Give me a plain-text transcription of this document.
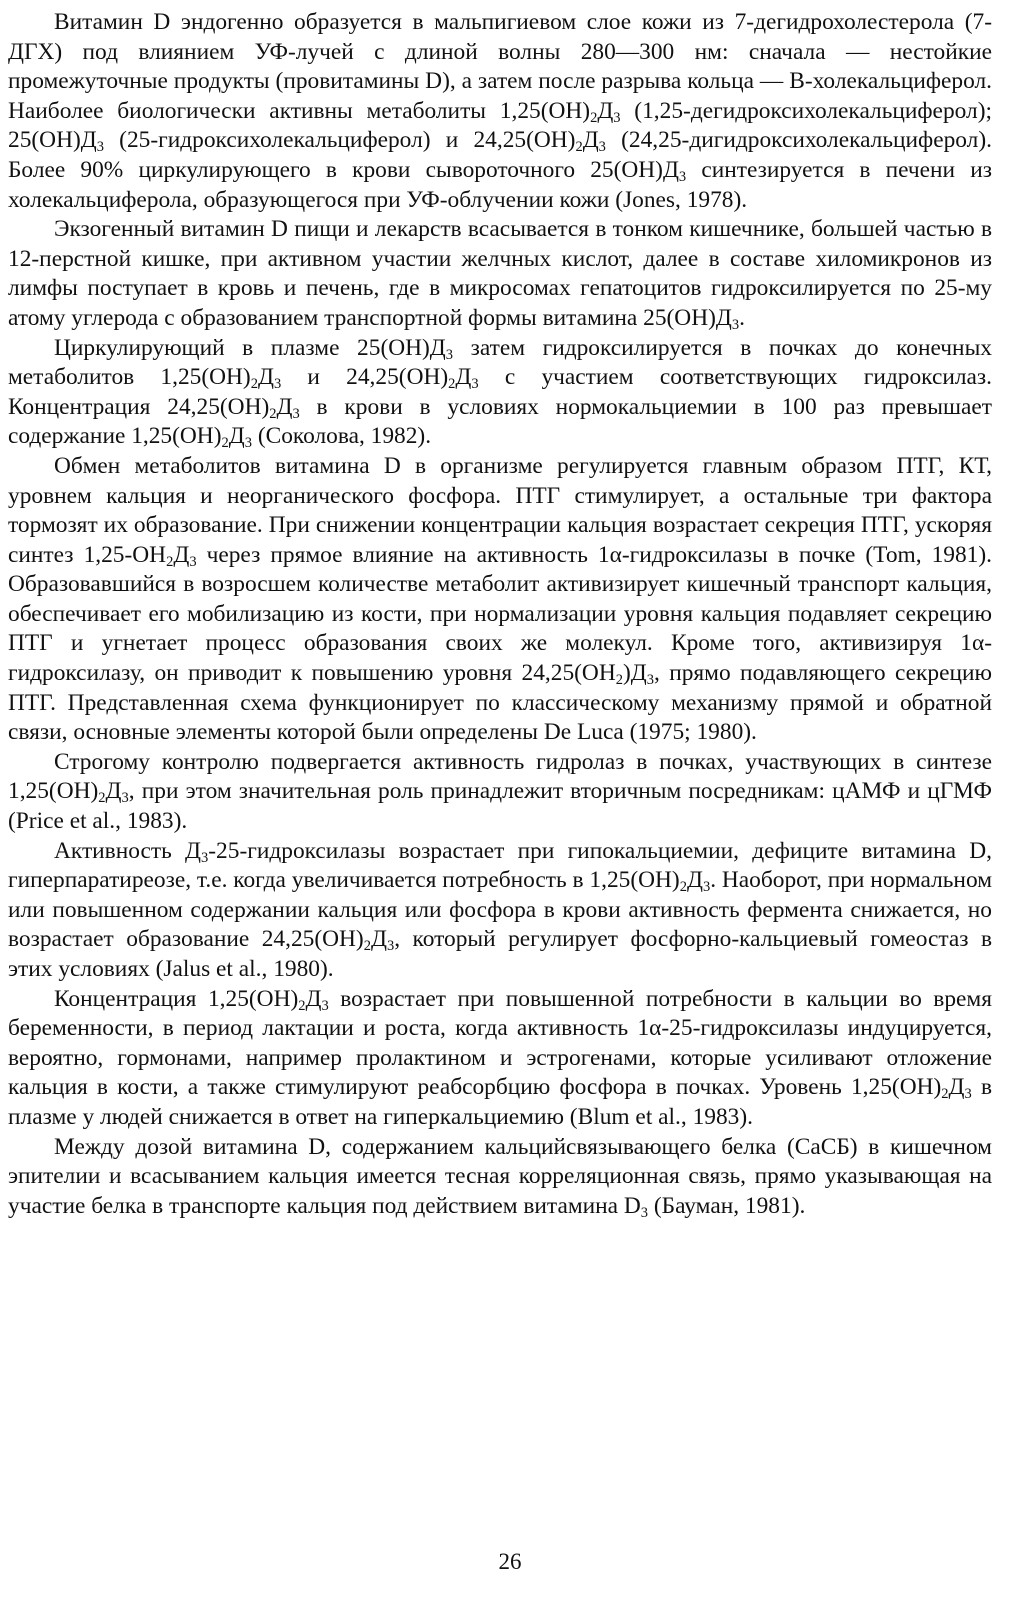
Витамин D эндогенно образуется в мальпигиевом слое кожи из 7-дегидрохолестерола (7-ДГХ) под влиянием УФ-лучей с длиной волны 280—300 нм: сначала — нестойкие промежуточные продукты (провитамины D), а затем после разрыва кольца — В-холекальциферол. Наиболее биологически активны метаболиты $1,25(ОН)_2Д_3$ (1,25-дегидроксихолекальциферол); $25(ОН)Д_3$ (25-гидроксихолекальциферол) и $24,25(ОН)_2Д_3$ (24,25-дигидроксихолекальциферол). Более 90% циркулирующего в крови сывороточного $25(ОН)Д_3$ синтезируется в печени из холекальциферола, образующегося при УФ-облучении кожи (Jones, 1978).

Экзогенный витамин D пищи и лекарств всасывается в тонком кишечнике, большей частью в 12-перстной кишке, при активном участии желчных кислот, далее в составе хиломикронов из лимфы поступает в кровь и печень, где в микросомах гепатоцитов гидроксилируется по 25-му атому углерода с образованием транспортной формы витамина $25(ОН)Д_3$.

Циркулирующий в плазме $25(ОН)Д_3$ затем гидроксилируется в почках до конечных метаболитов $1,25(ОН)_2Д_3$ и $24,25(ОН)_2Д_3$ с участием соответствующих гидроксилаз. Концентрация $24,25(ОН)_2Д_3$ в крови в условиях нормокальциемии в 100 раз превышает содержание $1,25(ОН)_2Д_3$ (Соколова, 1982).

Обмен метаболитов витамина D в организме регулируется главным образом ПТГ, КТ, уровнем кальция и неорганического фосфора. ПТГ стимулирует, а остальные три фактора тормозят их образование. При снижении концентрации кальция возрастает секреция ПТГ, ускоряя синтез $1,25-ОН_2Д_3$ через прямое влияние на активность 1α-гидроксилазы в почке (Tom, 1981). Образовавшийся в возросшем количестве метаболит активизирует кишечный транспорт кальция, обеспечивает его мобилизацию из кости, при нормализации уровня кальция подавляет секрецию ПТГ и угнетает процесс образования своих же молекул. Кроме того, активизируя 1α-гидроксилазу, он приводит к повышению уровня $24,25(ОН_2)Д_3$, прямо подавляющего секрецию ПТГ. Представленная схема функционирует по классическому механизму прямой и обратной связи, основные элементы которой были определены De Luca (1975; 1980).

Строгому контролю подвергается активность гидролаз в почках, участвующих в синтезе $1,25(ОН)_2Д_3$, при этом значительная роль принадлежит вторичным посредникам: цАМФ и цГМФ (Price et al., 1983).

Активность $Д_3-25$-гидроксилазы возрастает при гипокальциемии, дефиците витамина D, гиперпаратиреозе, т.е. когда увеличивается потребность в $1,25(ОН)_2Д_3$. Наоборот, при нормальном или повышенном содержании кальция или фосфора в крови активность фермента снижается, но возрастает образование $24,25(ОН)_2Д_3$, который регулирует фосфорно-кальциевый гомеостаз в этих условиях (Jalus et al., 1980).

Концентрация $1,25(ОН)_2Д_3$ возрастает при повышенной потребности в кальции во время беременности, в период лактации и роста, когда активность 1α-25-гидроксилазы индуцируется, вероятно, гормонами, например пролактином и эстрогенами, которые усиливают отложение кальция в кости, а также стимулируют реабсорбцию фосфора в почках. Уровень $1,25(ОН)_2Д_3$ в плазме у людей снижается в ответ на гиперкальциемию (Blum et al., 1983).

Между дозой витамина D, содержанием кальцийсвязывающего белка (СаСБ) в кишечном эпителии и всасыванием кальция имеется тесная корреляционная связь, прямо указывающая на участие белка в транспорте кальция под действием витамина $D_3$ (Бауман, 1981).

26
